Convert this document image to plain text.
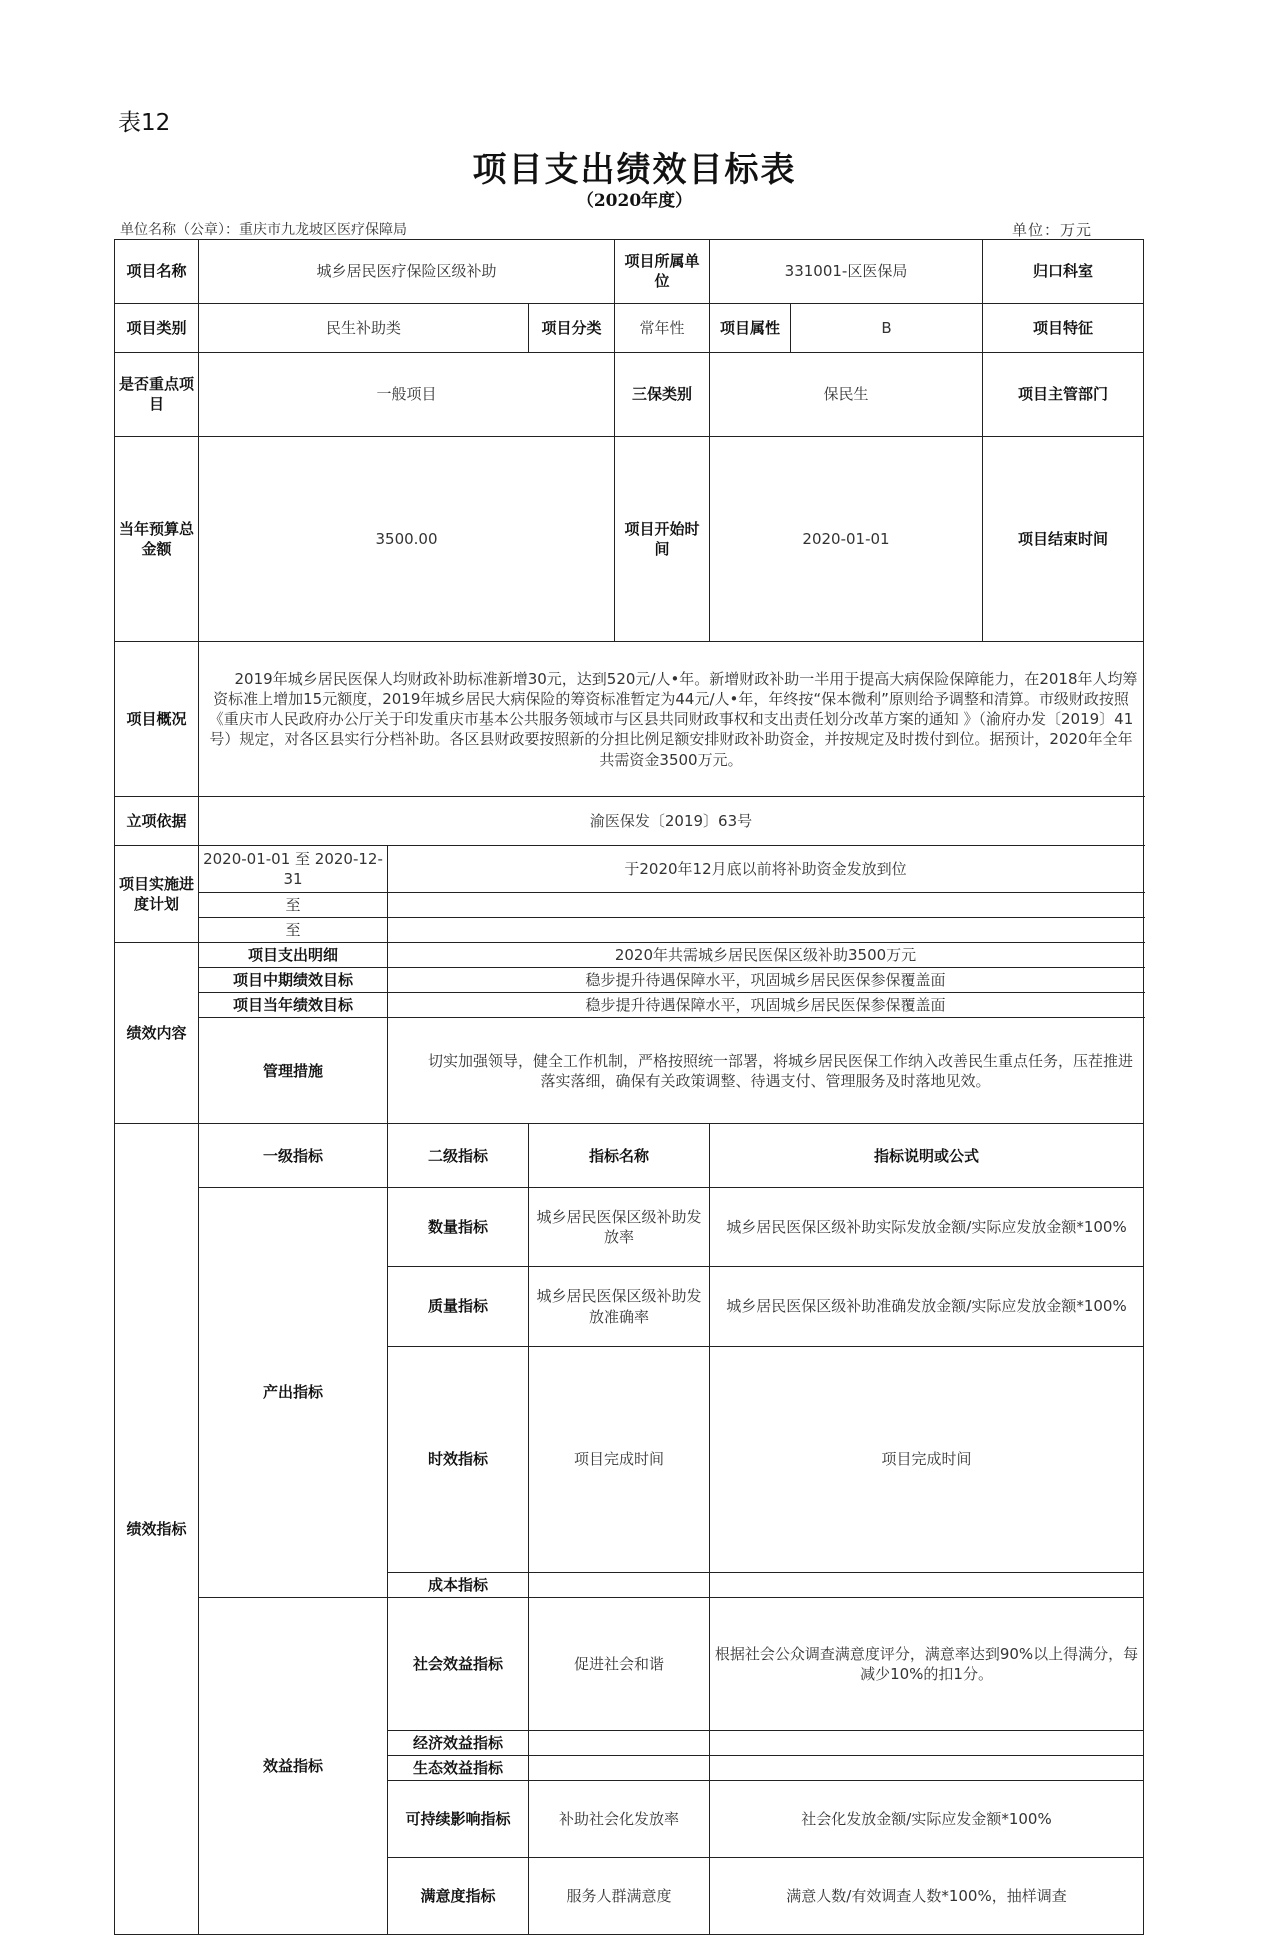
表12
项目支出绩效目标表
（2020年度）
单位名称（公章）：重庆市九龙坡区医疗保障局	单位：万元
项目名称	城乡居民医疗保险区级补助			项目所属单位	331001-区医保局		归口科室	
项目类别	民生补助类		项目分类	常年性	项目属性	B	项目特征	
是否重点项目	一般项目			三保类别	保民生		项目主管部门	
当年预算总金额	3500.00			项目开始时间	2020-01-01		项目结束时间	
项目概况	2019年城乡居民医保人均财政补助标准新增30元，达到520元/人•年。新增财政补助一半用于提高大病保险保障能力，在2018年人均筹资标准上增加15元额度，2019年城乡居民大病保险的筹资标准暂定为44元/人•年，年终按“保本微利”原则给予调整和清算。市级财政按照《重庆市人民政府办公厅关于印发重庆市基本公共服务领域市与区县共同财政事权和支出责任划分改革方案的通知 》（渝府办发〔2019〕41号）规定，对各区县实行分档补助。各区县财政要按照新的分担比例足额安排财政补助资金，并按规定及时拨付到位。据预计，2020年全年共需资金3500万元。							
立项依据	渝医保发〔2019〕63号							
项目实施进度计划	2020-01-01 至 2020-12-31	于2020年12月底以前将补助资金发放到位						
	至							
	至							
绩效内容	项目支出明细	2020年共需城乡居民医保区级补助3500万元						
	项目中期绩效目标	稳步提升待遇保障水平，巩固城乡居民医保参保覆盖面						
	项目当年绩效目标	稳步提升待遇保障水平，巩固城乡居民医保参保覆盖面						
	管理措施	切实加强领导，健全工作机制，严格按照统一部署，将城乡居民医保工作纳入改善民生重点任务，压茬推进落实落细，确保有关政策调整、待遇支付、管理服务及时落地见效。						
绩效指标	一级指标	二级指标	指标名称		指标说明或公式	
	产出指标	数量指标	城乡居民医保区级补助发放率		城乡居民医保区级补助实际发放金额/实际应发放金额*100%	
		质量指标	城乡居民医保区级补助发放准确率		城乡居民医保区级补助准确发放金额/实际应发放金额*100%	
		时效指标	项目完成时间		项目完成时间	
		成本指标						
	效益指标	社会效益指标	促进社会和谐		根据社会公众调查满意度评分，满意率达到90%以上得满分，每减少10%的扣1分。	
		经济效益指标						
		生态效益指标						
		可持续影响指标	补助社会化发放率		社会化发放金额/实际应发金额*100%	
		满意度指标	服务人群满意度		满意人数/有效调查人数*100%，抽样调查	
